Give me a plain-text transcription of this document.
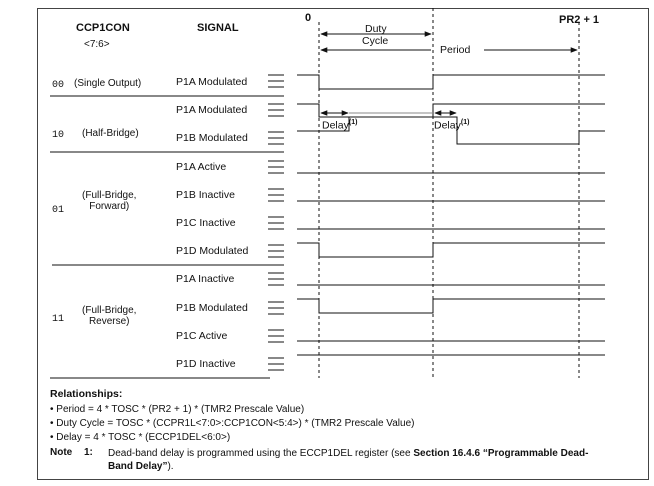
CCP1CON
<7:6>
SIGNAL
0	PR2 + 1
Duty
Cycle
Period
00 (Single Output)
10 (Half-Bridge)
01
(Full-Bridge,
Forward)
11
(Full-Bridge,
Reverse)
P1A Modulated
P1A Modulated
P1B Modulated
P1A Active
P1B Inactive
P1C Inactive
P1D Modulated
P1A Inactive
P1B Modulated
P1C Active
P1D Inactive
Delay$^{(1)}$	Delay$^{(1)}$
Relationships:
• Period = 4 * TOSC * (PR2 + 1) * (TMR2 Prescale Value)
• Duty Cycle = TOSC * (CCPR1L<7:0>:CCP1CON<5:4>) * (TMR2 Prescale Value)
• Delay = 4 * TOSC * (ECCP1DEL<6:0>)
Note 1: Dead-band delay is programmed using the ECCP1DEL register (see Section 16.4.6 “Programmable Dead-Band Delay”).
